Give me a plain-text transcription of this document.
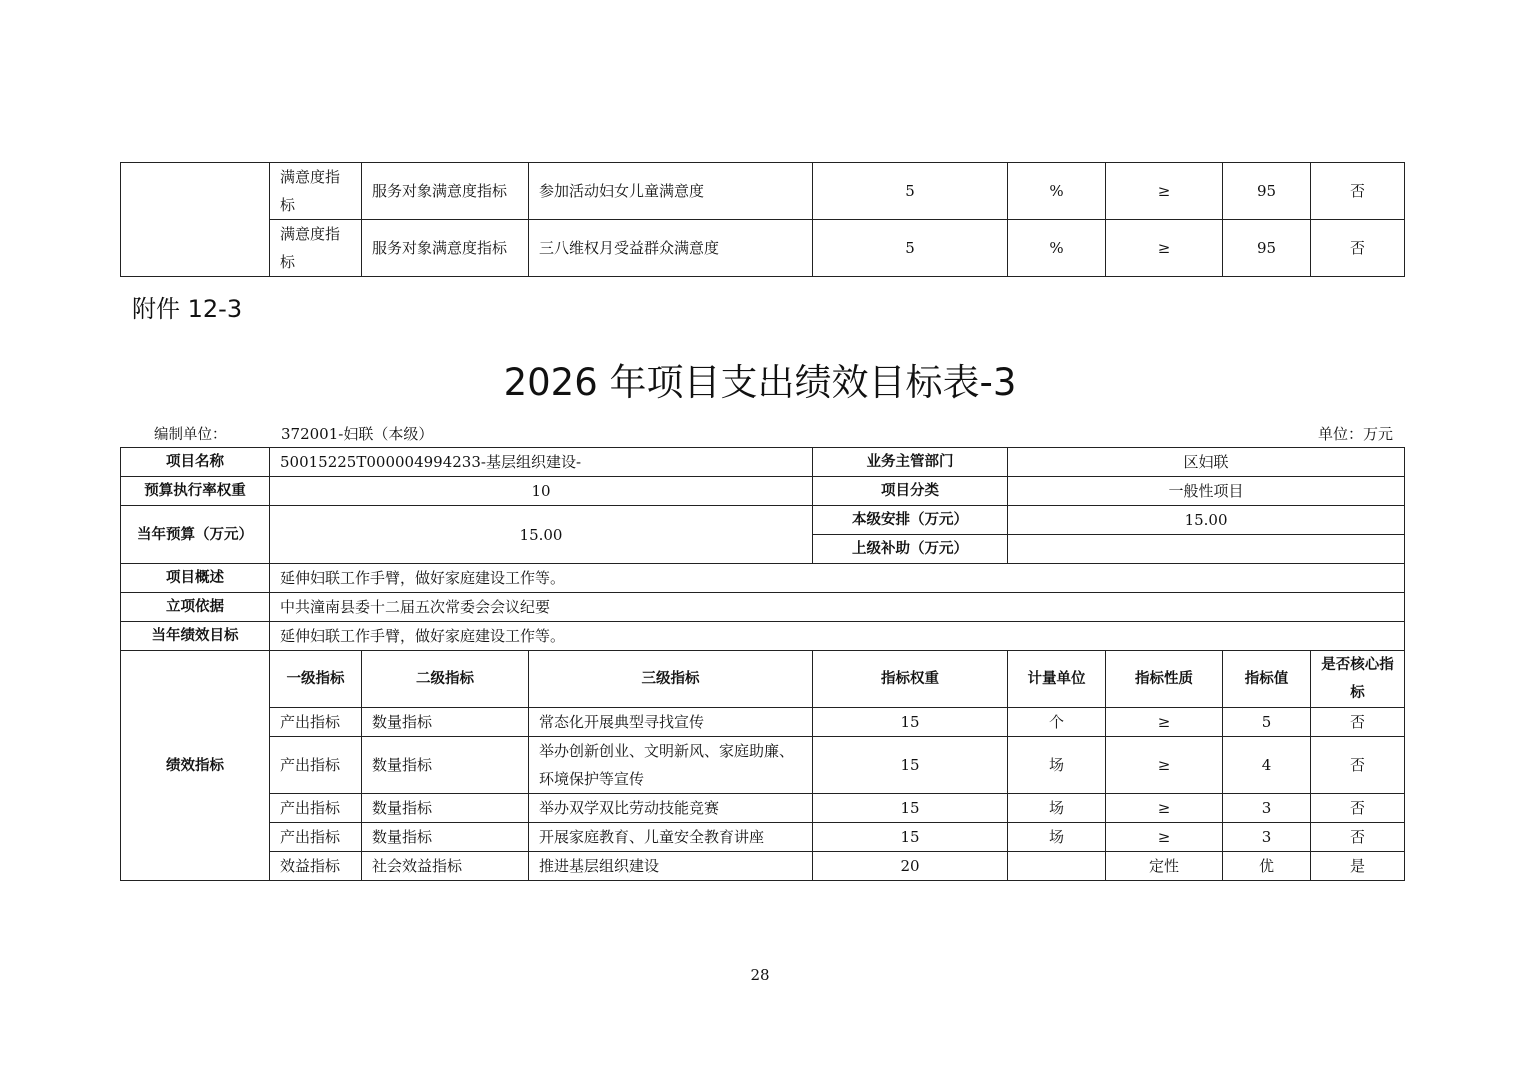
	满意度指标	服务对象满意度指标	参加活动妇女儿童满意度	5	%	≥	95	否
	满意度指标	服务对象满意度指标	三八维权月受益群众满意度	5	%	≥	95	否
附件 12-3
2026 年项目支出绩效目标表-3
编制单位：	372001-妇联（本级）	单位：万元
项目名称	50015225T000004994233-基层组织建设-			业务主管部门	区妇联			
预算执行率权重	10			项目分类	一般性项目			
当年预算（万元）	15.00			本级安排（万元）	15.00			
				上级补助（万元）				
项目概述	延伸妇联工作手臂，做好家庭建设工作等。							
立项依据	中共潼南县委十二届五次常委会会议纪要							
当年绩效目标	延伸妇联工作手臂，做好家庭建设工作等。							
绩效指标	一级指标	二级指标	三级指标	指标权重	计量单位	指标性质	指标值	是否核心指标
	产出指标	数量指标	常态化开展典型寻找宣传	15	个	≥	5	否
	产出指标	数量指标	举办创新创业、文明新风、家庭助廉、环境保护等宣传	15	场	≥	4	否
	产出指标	数量指标	举办双学双比劳动技能竞赛	15	场	≥	3	否
	产出指标	数量指标	开展家庭教育、儿童安全教育讲座	15	场	≥	3	否
	效益指标	社会效益指标	推进基层组织建设	20		定性	优	是
28
